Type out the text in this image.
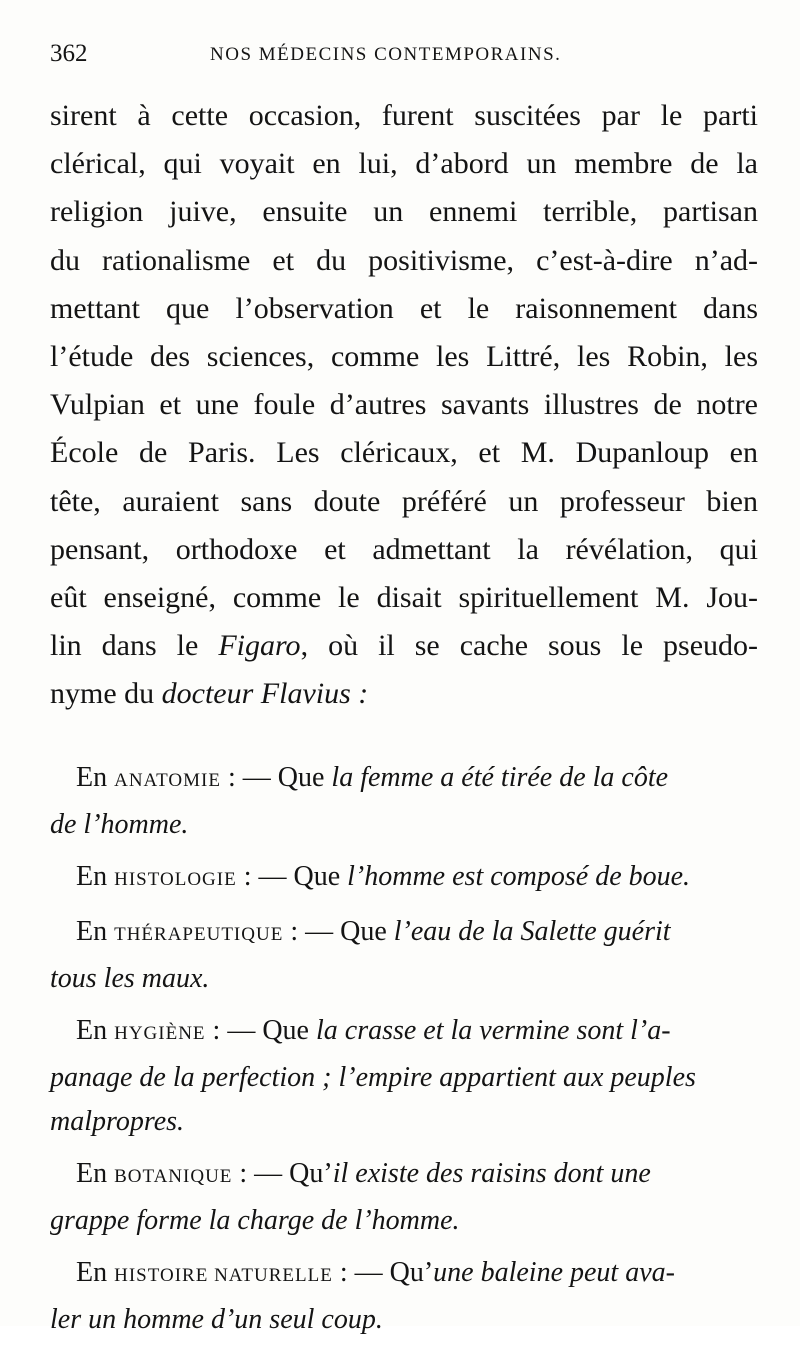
362	NOS MÉDECINS CONTEMPORAINS.
sirent à cette occasion, furent suscitées par le parti
clérical, qui voyait en lui, d’abord un membre de la
religion juive, ensuite un ennemi terrible, partisan
du rationalisme et du positivisme, c’est-à-dire n’ad-
mettant que l’observation et le raisonnement dans
l’étude des sciences, comme les Littré, les Robin, les
Vulpian et une foule d’autres savants illustres de notre
École de Paris. Les cléricaux, et M. Dupanloup en
tête, auraient sans doute préféré un professeur bien
pensant, orthodoxe et admettant la révélation, qui
eût enseigné, comme le disait spirituellement M. Jou-
lin dans le Figaro, où il se cache sous le pseudo-
nyme du docteur Flavius :
En ANATOMIE : — Que la femme a été tirée de la côte
de l’homme.
En HISTOLOGIE : — Que l’homme est composé de boue.
En THÉRAPEUTIQUE : — Que l’eau de la Salette guérit
tous les maux.
En HYGIÈNE : — Que la crasse et la vermine sont l’a-
panage de la perfection ; l’empire appartient aux peuples
malpropres.
En BOTANIQUE : — Qu’il existe des raisins dont une
grappe forme la charge de l’homme.
En HISTOIRE NATURELLE : — Qu’une baleine peut ava-
ler un homme d’un seul coup.
